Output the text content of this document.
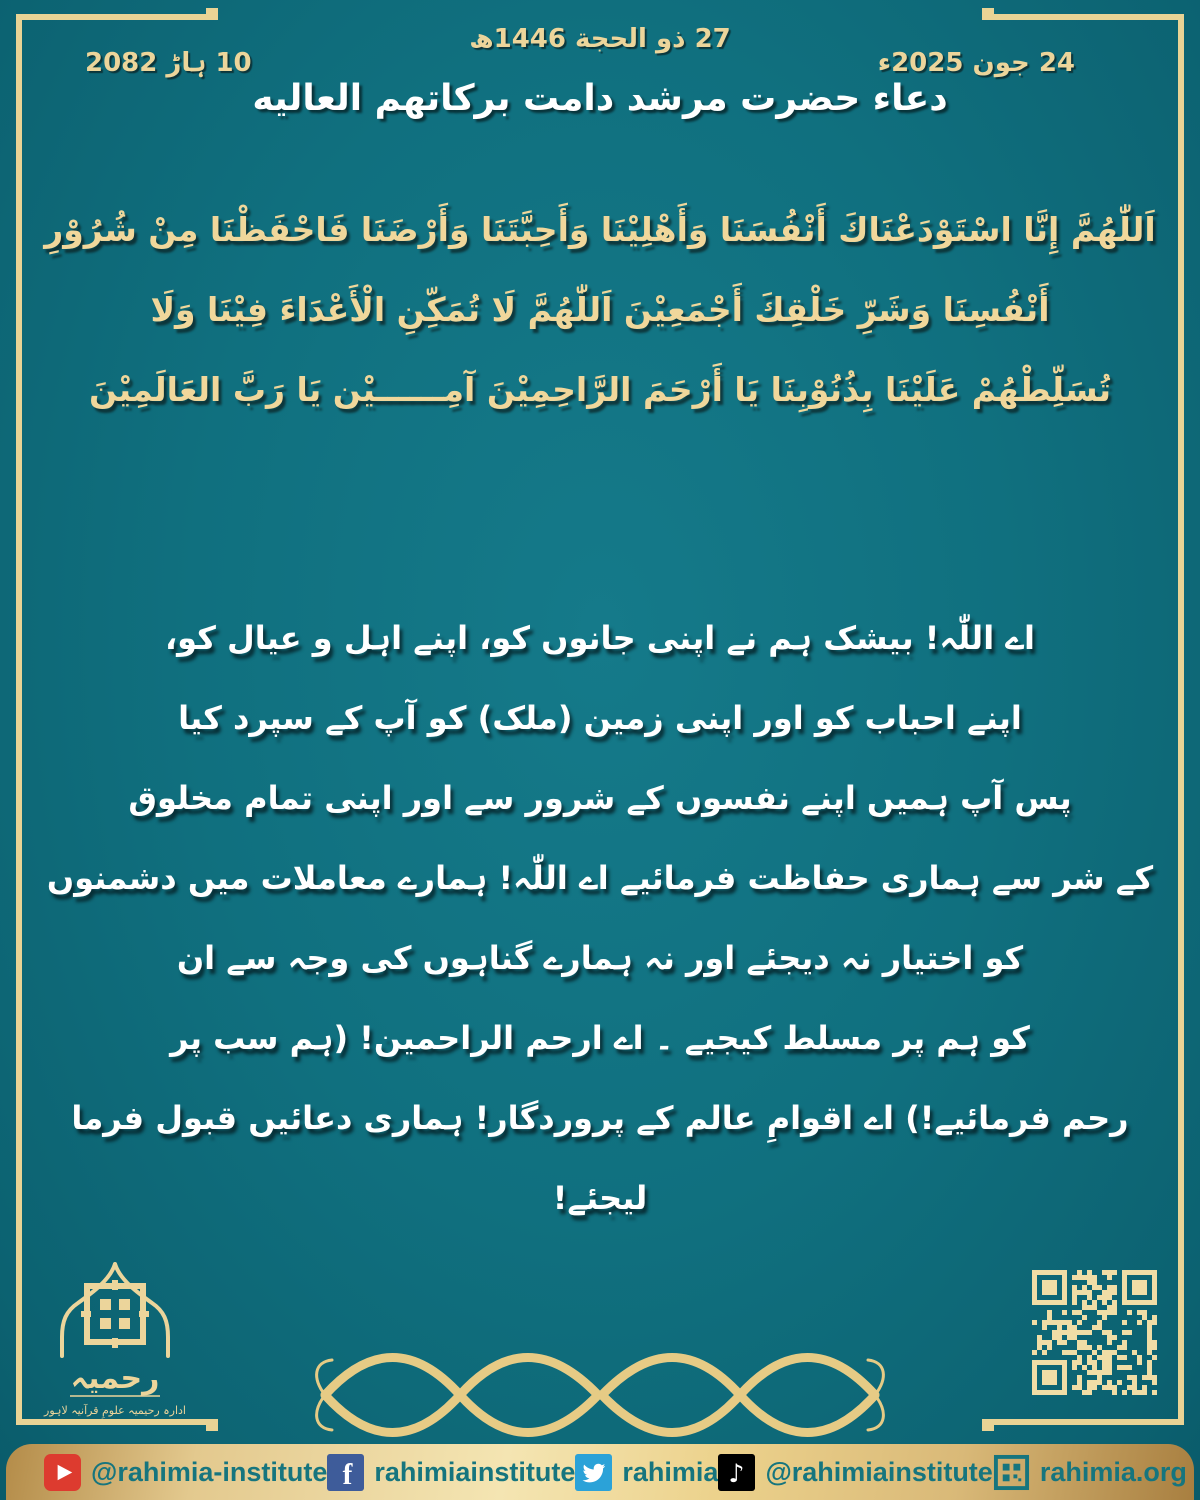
27 ذو الحجة 1446ھ
24 جون 2025ء
10 ہاڑ 2082
دعاء حضرت مرشد دامت برکاتهم العاليه
اَللّٰهُمَّ إِنَّا اسْتَوْدَعْنَاكَ أَنْفُسَنَا وَأَهْلِيْنَا وَأَحِبَّتَنَا وَأَرْضَنَا فَاحْفَظْنَا مِنْ شُرُوْرِ
أَنْفُسِنَا وَشَرِّ خَلْقِكَ أَجْمَعِيْنَ اَللّٰهُمَّ لَا تُمَكِّنِ الْأَعْدَاءَ فِيْنَا وَلَا
تُسَلِّطْهُمْ عَلَيْنَا بِذُنُوْبِنَا يَا أَرْحَمَ الرَّاحِمِيْنَ آمِــــــيْن يَا رَبَّ العَالَمِيْنَ
اے اللّٰہ! بیشک ہم نے اپنی جانوں کو، اپنے اہل و عیال کو،
اپنے احباب کو اور اپنی زمین (ملک) کو آپ کے سپرد کیا
پس آپ ہمیں اپنے نفسوں کے شرور سے اور اپنی تمام مخلوق
کے شر سے ہماری حفاظت فرمائیے اے اللّٰہ! ہمارے معاملات میں دشمنوں
کو اختیار نہ دیجئے اور نہ ہمارے گناہوں کی وجہ سے ان
کو ہم پر مسلط کیجیے ۔ اے ارحم الراحمین! (ہم سب پر
رحم فرمائیے!) اے اقوامِ عالم کے پروردگار! ہماری دعائیں قبول فرما
لیجئے!
رحمیہ
ادارہ رحیمیہ علومِ قرآنیہ لاہور
@rahimia-institute f rahimiainstitute rahimia ♪ @rahimiainstitute rahimia.org
